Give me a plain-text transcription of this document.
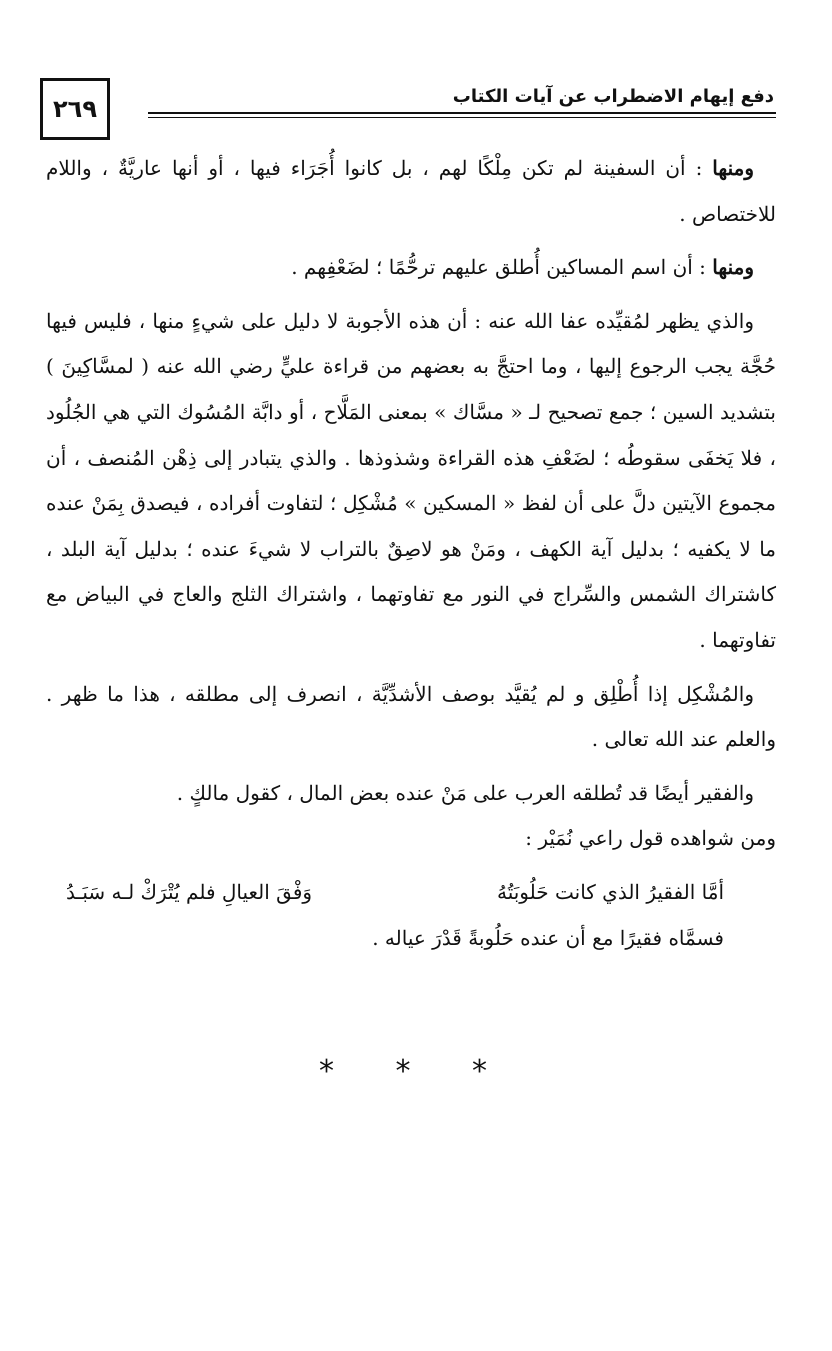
دفع إيهام الاضطراب عن آيات الكتاب
٢٦٩

ومنها : أن السفينة لم تكن مِلْكًا لهم ، بل كانوا أُجَرَاء فيها ، أو أنها عاريَّةٌ ، واللام للاختصاص .

ومنها : أن اسم المساكين أُطلق عليهم ترحُّمًا ؛ لضَعْفِهم .

والذي يظهر لمُقيِّده عفا الله عنه : أن هذه الأجوبة لا دليل على شيءٍ منها ، فليس فيها حُجَّة يجب الرجوع إليها ، وما احتجَّ به بعضهم من قراءة عليٍّ رضي الله عنه ( لمسَّاكِينَ ) بتشديد السين ؛ جمع تصحيح لـ « مسَّاك » بمعنى المَلَّاح ، أو دابَّة المُسُوك التي هي الجُلُود ، فلا يَخفَى سقوطُه ؛ لضَعْفِ هذه القراءة وشذوذها . والذي يتبادر إلى ذِهْن المُنصف ، أن مجموع الآيتين دلَّ على أن لفظ « المسكين » مُشْكِل ؛ لتفاوت أفراده ، فيصدق بِمَنْ عنده ما لا يكفيه ؛ بدليل آية الكهف ، ومَنْ هو لاصِقٌ بالتراب لا شيءَ عنده ؛ بدليل آية البلد ، كاشتراك الشمس والسِّراج في النور مع تفاوتهما ، واشتراك الثلج والعاج في البياض مع تفاوتهما .

والمُشْكِل إذا أُطْلِق و لم يُقيَّد بوصف الأشدِّيَّة ، انصرف إلى مطلقه ، هذا ما ظهر . والعلم عند الله تعالى .

والفقير أيضًا قد تُطلقه العرب على مَنْ عنده بعض المال ، كقول مالكٍ .

ومن شواهده قول راعي نُمَيْر :

أمَّا الفقيرُ الذي كانت حَلُوبَتُهُ
وَفْقَ العيالِ فلم يُتْرَكْ لـه سَبَـدُ

فسمَّاه فقيرًا مع أن عنده حَلُوبةً قَدْرَ عياله .

* * *
